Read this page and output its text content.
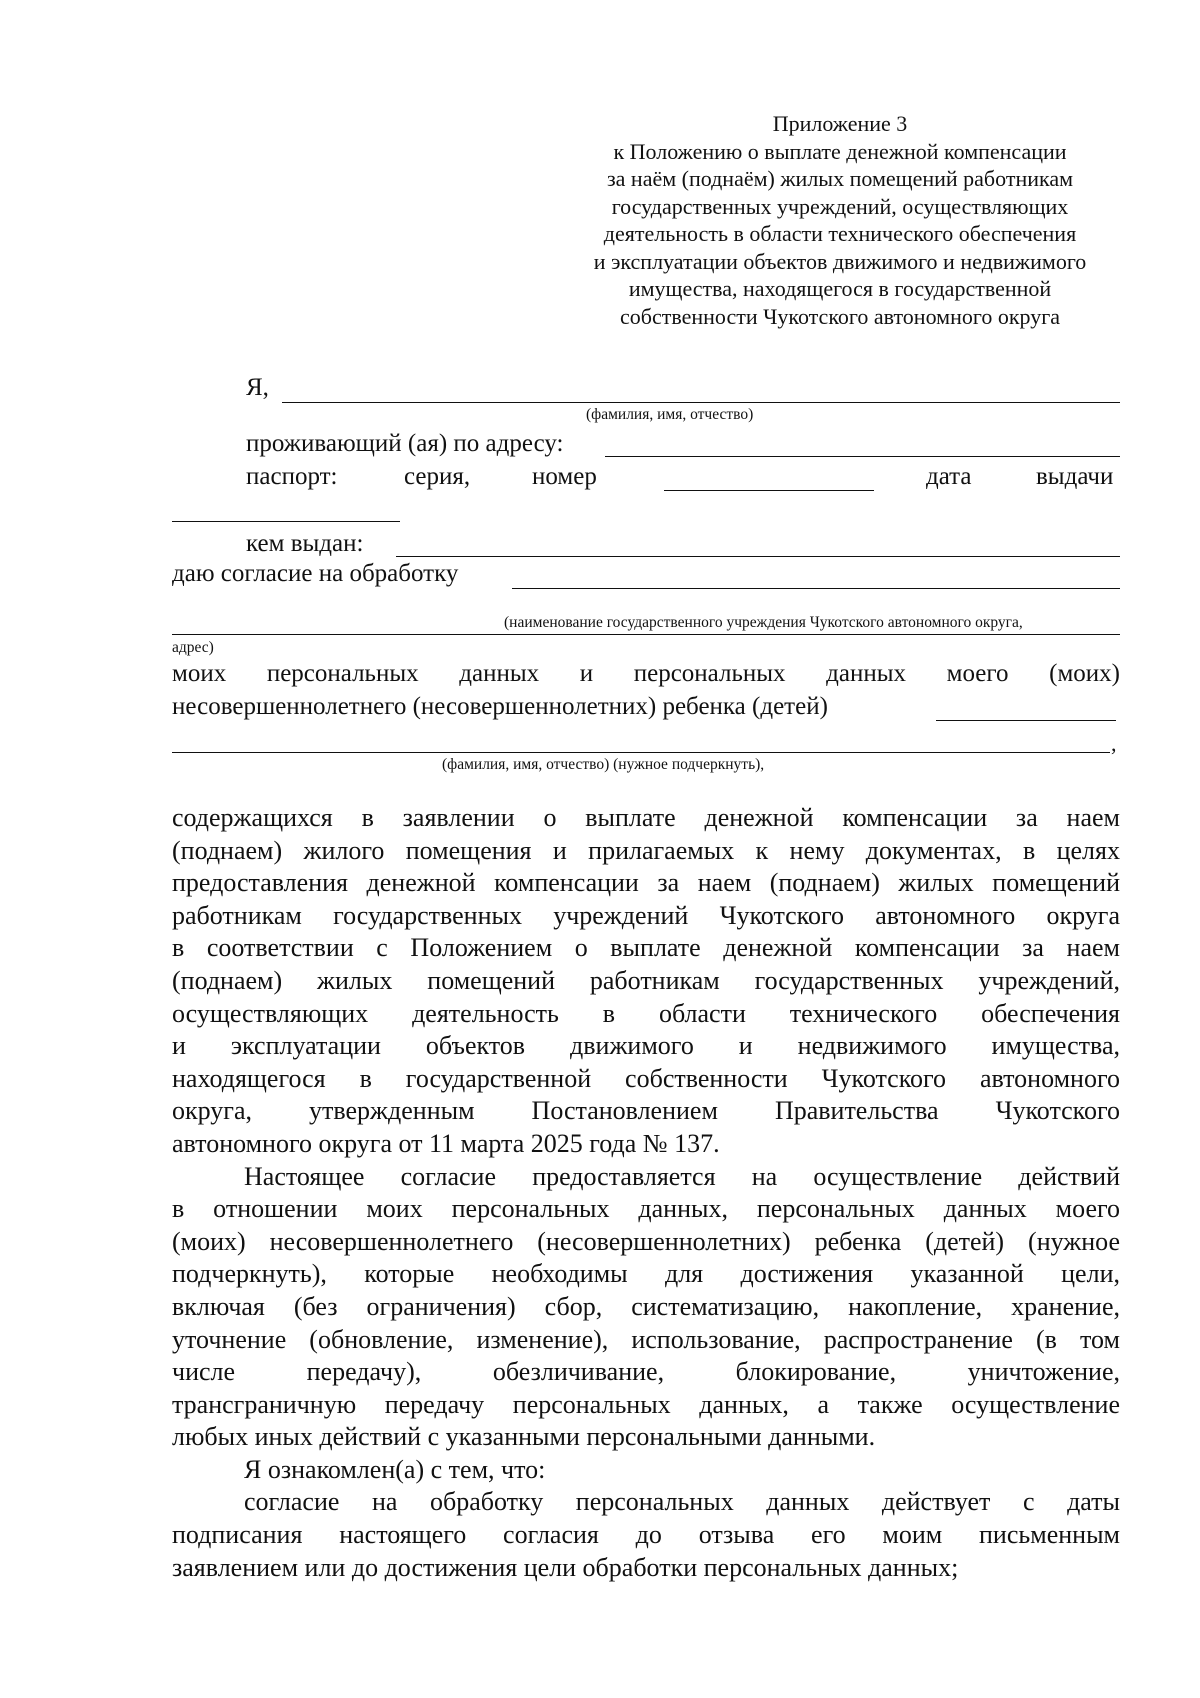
Приложение 3
к Положению о выплате денежной компенсации
за наём (поднаём) жилых помещений работникам
государственных учреждений, осуществляющих
деятельность в области технического обеспечения
и эксплуатации объектов движимого и недвижимого
имущества, находящегося в государственной
собственности Чукотского автономного округа
Я,
(фамилия, имя, отчество)
проживающий (ая) по адресу:
паспорт:	серия, номер	дата	выдачи
кем выдан:
даю согласие на обработку
(наименование государственного учреждения Чукотского автономного округа,
адрес)
моих персональных данных и персональных данных моего (моих)
несовершеннолетнего (несовершеннолетних) ребенка (детей)
,
(фамилия, имя, отчество) (нужное подчеркнуть),

содержащихся в заявлении о выплате денежной компенсации за наем

(поднаем) жилого помещения и прилагаемых к нему документах, в целях

предоставления денежной компенсации за наем (поднаем) жилых помещений

работникам государственных учреждений Чукотского автономного округа

в соответствии с Положением о выплате денежной компенсации за наем

(поднаем) жилых помещений работникам государственных учреждений,

осуществляющих деятельность в области технического обеспечения

и эксплуатации объектов движимого и недвижимого имущества,

находящегося в государственной собственности Чукотского автономного

округа, утвержденным Постановлением Правительства Чукотского

автономного округа от 11 марта 2025 года № 137.

Настоящее согласие предоставляется на осуществление действий

в отношении моих персональных данных, персональных данных моего

(моих) несовершеннолетнего (несовершеннолетних) ребенка (детей) (нужное

подчеркнуть), которые необходимы для достижения указанной цели,

включая (без ограничения) сбор, систематизацию, накопление, хранение,

уточнение (обновление, изменение), использование, распространение (в том

числе передачу), обезличивание, блокирование, уничтожение,

трансграничную передачу персональных данных, а также осуществление

любых иных действий с указанными персональными данными.

Я ознакомлен(а) с тем, что:

согласие на обработку персональных данных действует с даты

подписания настоящего согласия до отзыва его моим письменным

заявлением или до достижения цели обработки персональных данных;
